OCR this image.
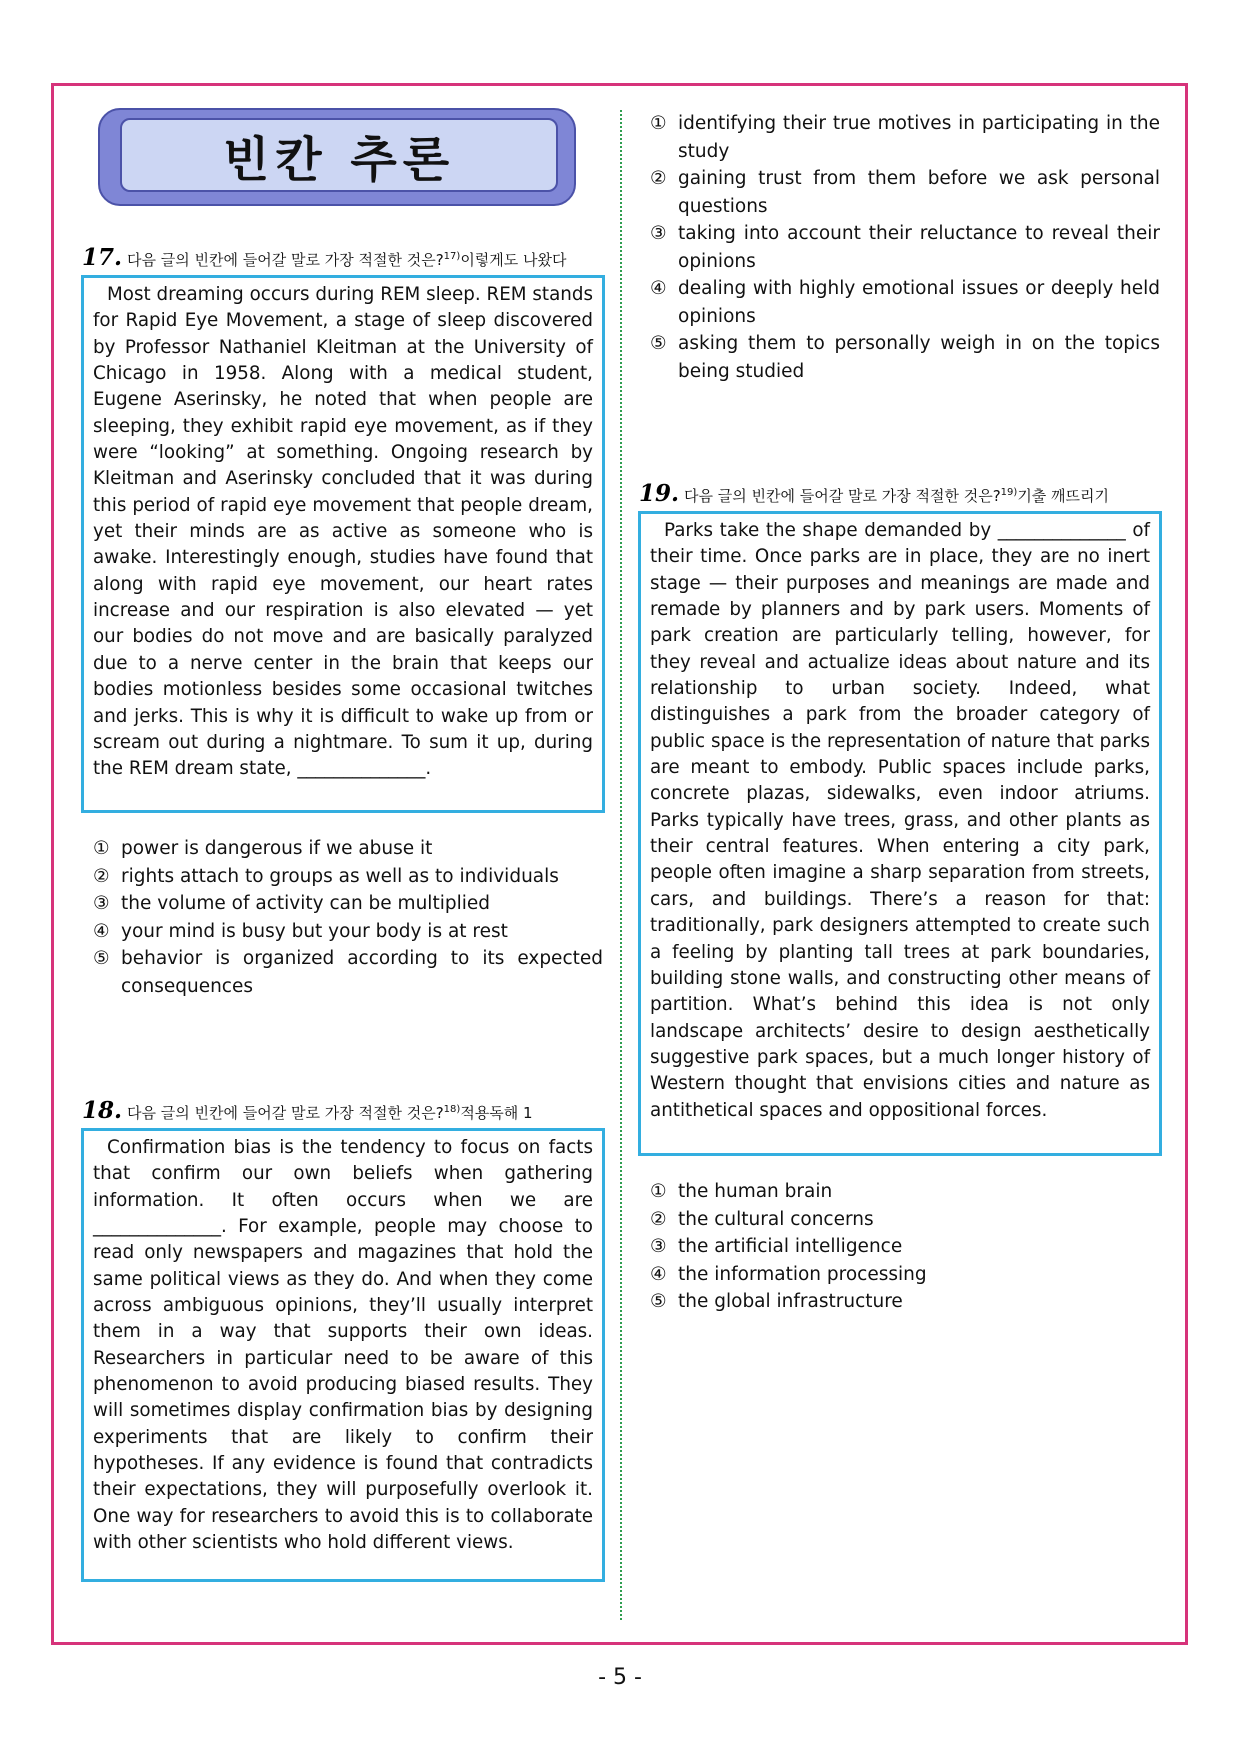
빈칸 추론
17. 다음 글의 빈칸에 들어갈 말로 가장 적절한 것은? $^{17)}$이렇게도 나왔다
Most dreaming occurs during REM sleep. REM stands for Rapid Eye Movement, a stage of sleep discovered by Professor Nathaniel Kleitman at the University of Chicago in 1958. Along with a medical student, Eugene Aserinsky, he noted that when people are sleeping, they exhibit rapid eye movement, as if they were “looking” at something. Ongoing research by Kleitman and Aserinsky concluded that it was during this period of rapid eye movement that people dream, yet their minds are as active as someone who is awake. Interestingly enough, studies have found that along with rapid eye movement, our heart rates increase and our respiration is also elevated — yet our bodies do not move and are basically paralyzed due to a nerve center in the brain that keeps our bodies motionless besides some occasional twitches and jerks. This is why it is difficult to wake up from or scream out during a nightmare. To sum it up, during the REM dream state, ______________.
① power is dangerous if we abuse it
② rights attach to groups as well as to individuals
③ the volume of activity can be multiplied
④ your mind is busy but your body is at rest
⑤ behavior is organized according to its expected consequences
18. 다음 글의 빈칸에 들어갈 말로 가장 적절한 것은? $^{18)}$적용독해 1
Confirmation bias is the tendency to focus on facts that confirm our own beliefs when gathering information. It often occurs when we are ______________. For example, people may choose to read only newspapers and magazines that hold the same political views as they do. And when they come across ambiguous opinions, they’ll usually interpret them in a way that supports their own ideas. Researchers in particular need to be aware of this phenomenon to avoid producing biased results. They will sometimes display confirmation bias by designing experiments that are likely to confirm their hypotheses. If any evidence is found that contradicts their expectations, they will purposefully overlook it. One way for researchers to avoid this is to collaborate with other scientists who hold different views.
① identifying their true motives in participating in the study
② gaining trust from them before we ask personal questions
③ taking into account their reluctance to reveal their opinions
④ dealing with highly emotional issues or deeply held opinions
⑤ asking them to personally weigh in on the topics being studied
19. 다음 글의 빈칸에 들어갈 말로 가장 적절한 것은? $^{19)}$기출 깨뜨리기
Parks take the shape demanded by ______________ of their time. Once parks are in place, they are no inert stage — their purposes and meanings are made and remade by planners and by park users. Moments of park creation are particularly telling, however, for they reveal and actualize ideas about nature and its relationship to urban society. Indeed, what distinguishes a park from the broader category of public space is the representation of nature that parks are meant to embody. Public spaces include parks, concrete plazas, sidewalks, even indoor atriums. Parks typically have trees, grass, and other plants as their central features. When entering a city park, people often imagine a sharp separation from streets, cars, and buildings. There’s a reason for that: traditionally, park designers attempted to create such a feeling by planting tall trees at park boundaries, building stone walls, and constructing other means of partition. What’s behind this idea is not only landscape architects’ desire to design aesthetically suggestive park spaces, but a much longer history of Western thought that envisions cities and nature as antithetical spaces and oppositional forces.
① the human brain
② the cultural concerns
③ the artificial intelligence
④ the information processing
⑤ the global infrastructure
- 5 -
